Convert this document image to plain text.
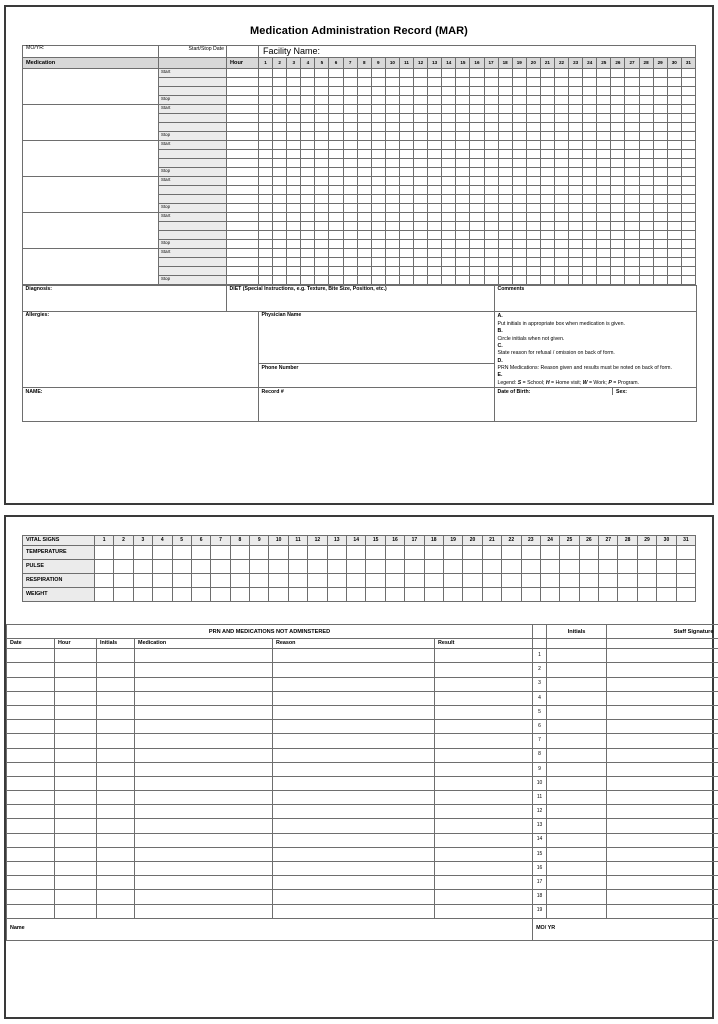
Medication Administration Record (MAR)
MO/YR:	Start/Stop Date		Facility Name:																														
Medication		Hour	1	2	3	4	5	6	7	8	9	10	11	12	13	14	15	16	17	18	19	20	21	22	23	24	25	26	27	28	29	30	31
	Start																																

	Stop																																
	Start																																

	Stop																																
	Start																																

	Stop																																
	Start																																

	Stop																																
	Start																																

	Stop																																
	Start																																

	Stop																																
Diagnosis:	DIET (Special Instructions, e.g. Texture, Bite Size, Position, etc.)	Comments
Allergies:	Physician Name	A.Put initials in appropriate box when medication is given.
B.Circle initials when not given.
C.State reason for refusal / omission on back of form.
D.PRN Medications: Reason given and results must be noted on back of form.
E.Legend: S = School; H = Home visit; W = Work; P = Program.

Phone Number
NAME:	Record #		Date of Birth:	Sex:
VITAL SIGNS	1	2	3	4	5	6	7	8	9	10	11	12	13	14	15	16	17	18	19	20	21	22	23	24	25	26	27	28	29	30	31
TEMPERATURE																															
PULSE																															
RESPIRATION																															
WEIGHT																															
PRN AND MEDICATIONS NOT ADMINSTERED							Initials	Staff Signature
Date	Hour	Initials	Medication	Reason	Result			
						1		
						2		
						3		
						4		
						5		
						6		
						7		
						8		
						9		
						10		
						11		
						12		
						13		
						14		
						15		
						16		
						17		
						18		
						19		
Name						MO/ YR		
